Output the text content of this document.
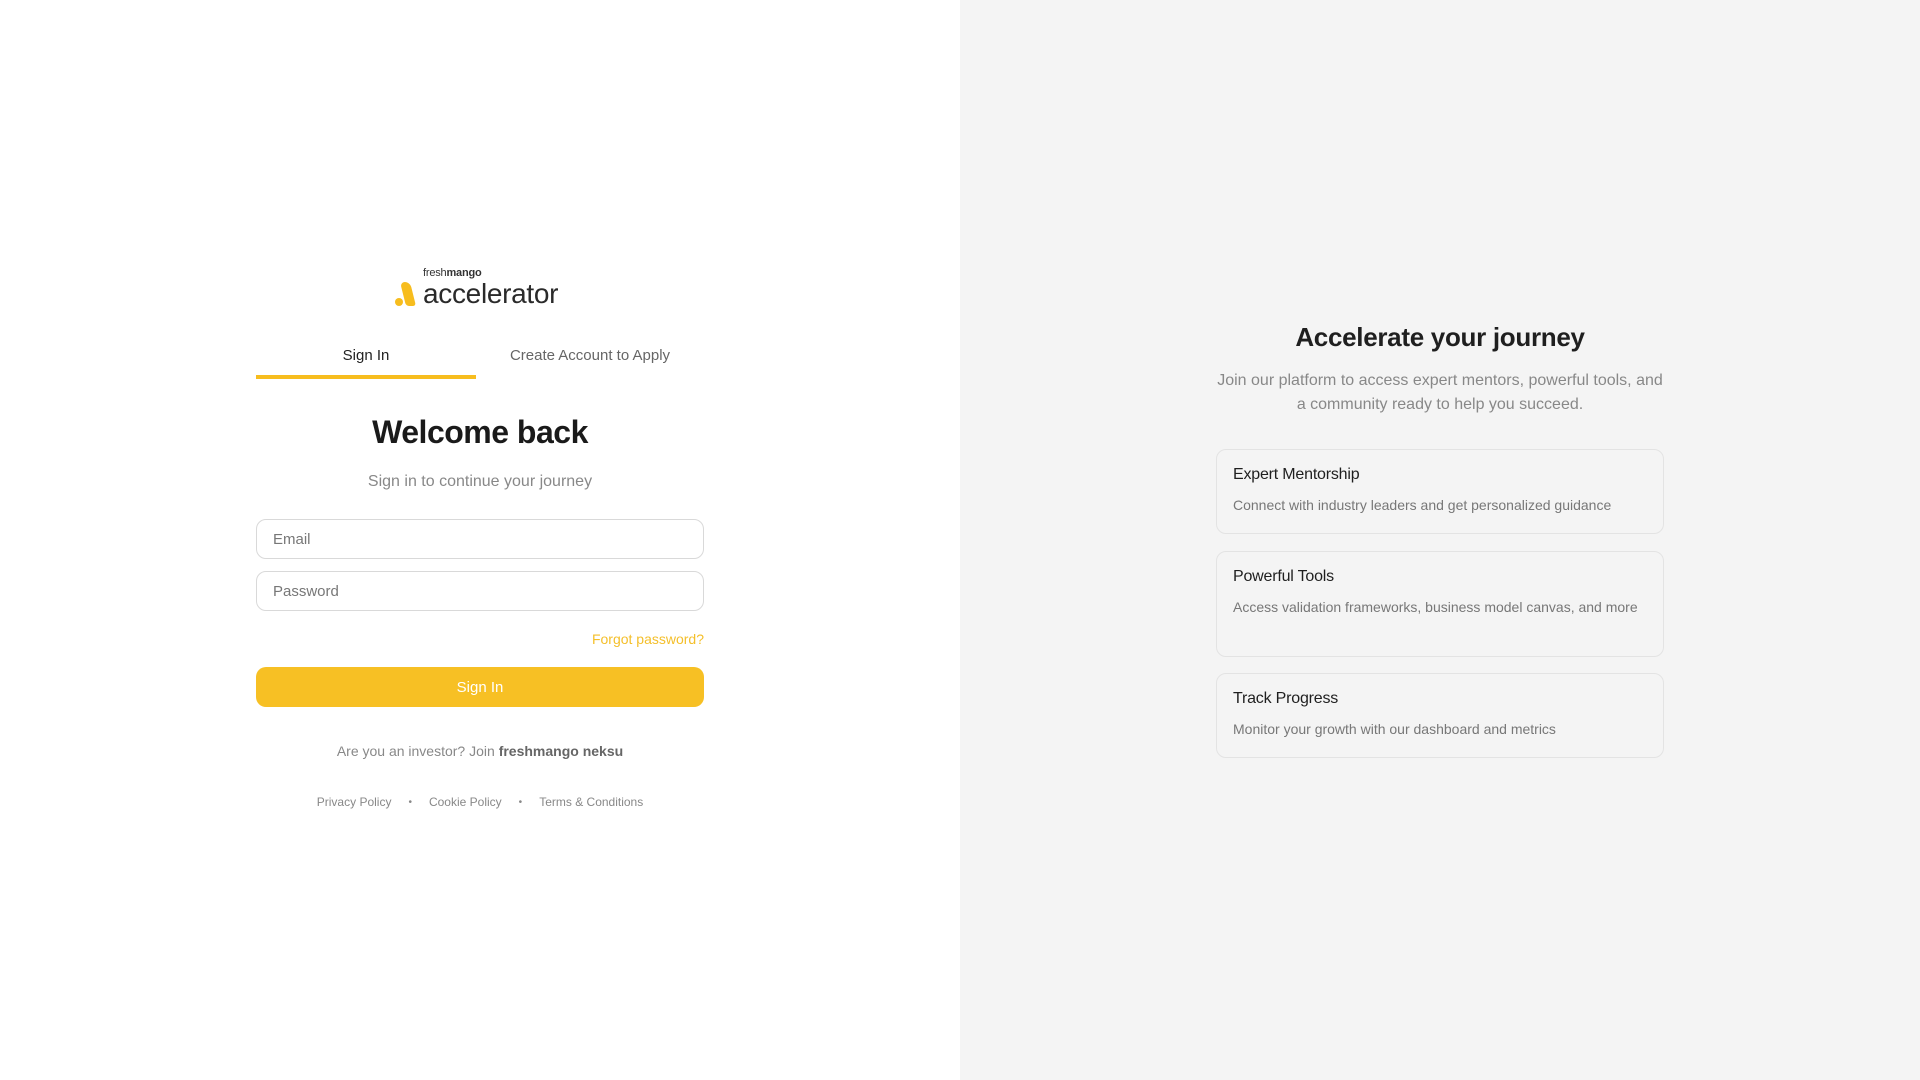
freshmango
accelerator
Sign In	Create Account to Apply
Welcome back

Sign in to continue your journey

Email
Forgot password?
Sign In

Are you an investor? Join freshmango neksu

Privacy Policy • Cookie Policy • Terms & Conditions
Accelerate your journey

Join our platform to access expert mentors, powerful tools, and a community ready to help you succeed.

Expert Mentorship
Connect with industry leaders and get personalized guidance
Powerful Tools
Access validation frameworks, business model canvas, and more
Track Progress
Monitor your growth with our dashboard and metrics
